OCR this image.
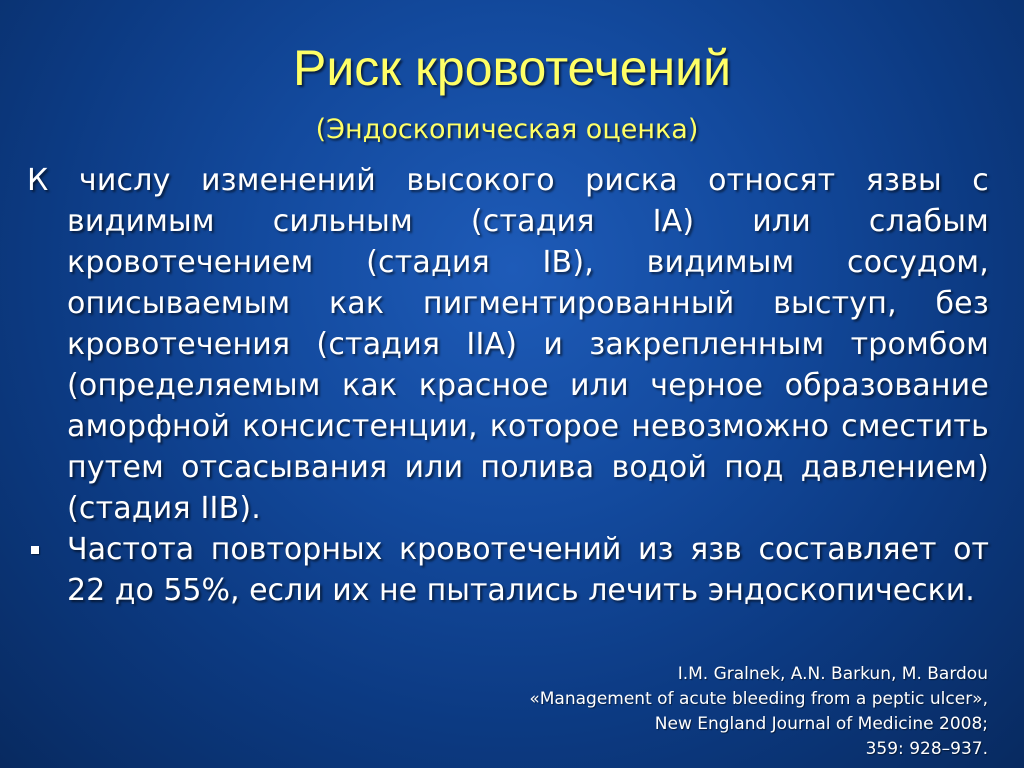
Риск кровотечений
(Эндоскопическая оценка)
К числу изменений высокого риска относят язвы с видимым сильным (стадия IA) или слабым кровотечением (стадия IB), видимым сосудом, описываемым как пигментированный выступ, без кровотечения (стадия IIA) и закрепленным тромбом (определяемым как красное или черное образование аморфной консистенции, которое невозможно сместить путем отсасывания или полива водой под давлением) (стадия IIB).
Частота повторных кровотечений из язв составляет от 22 до 55%, если их не пытались лечить эндоскопически.
I.M. Gralnek, A.N. Barkun, M. Bardou
«Management of acute bleeding from a peptic ulcer»,
New England Journal of Medicine 2008;
359: 928–937.
